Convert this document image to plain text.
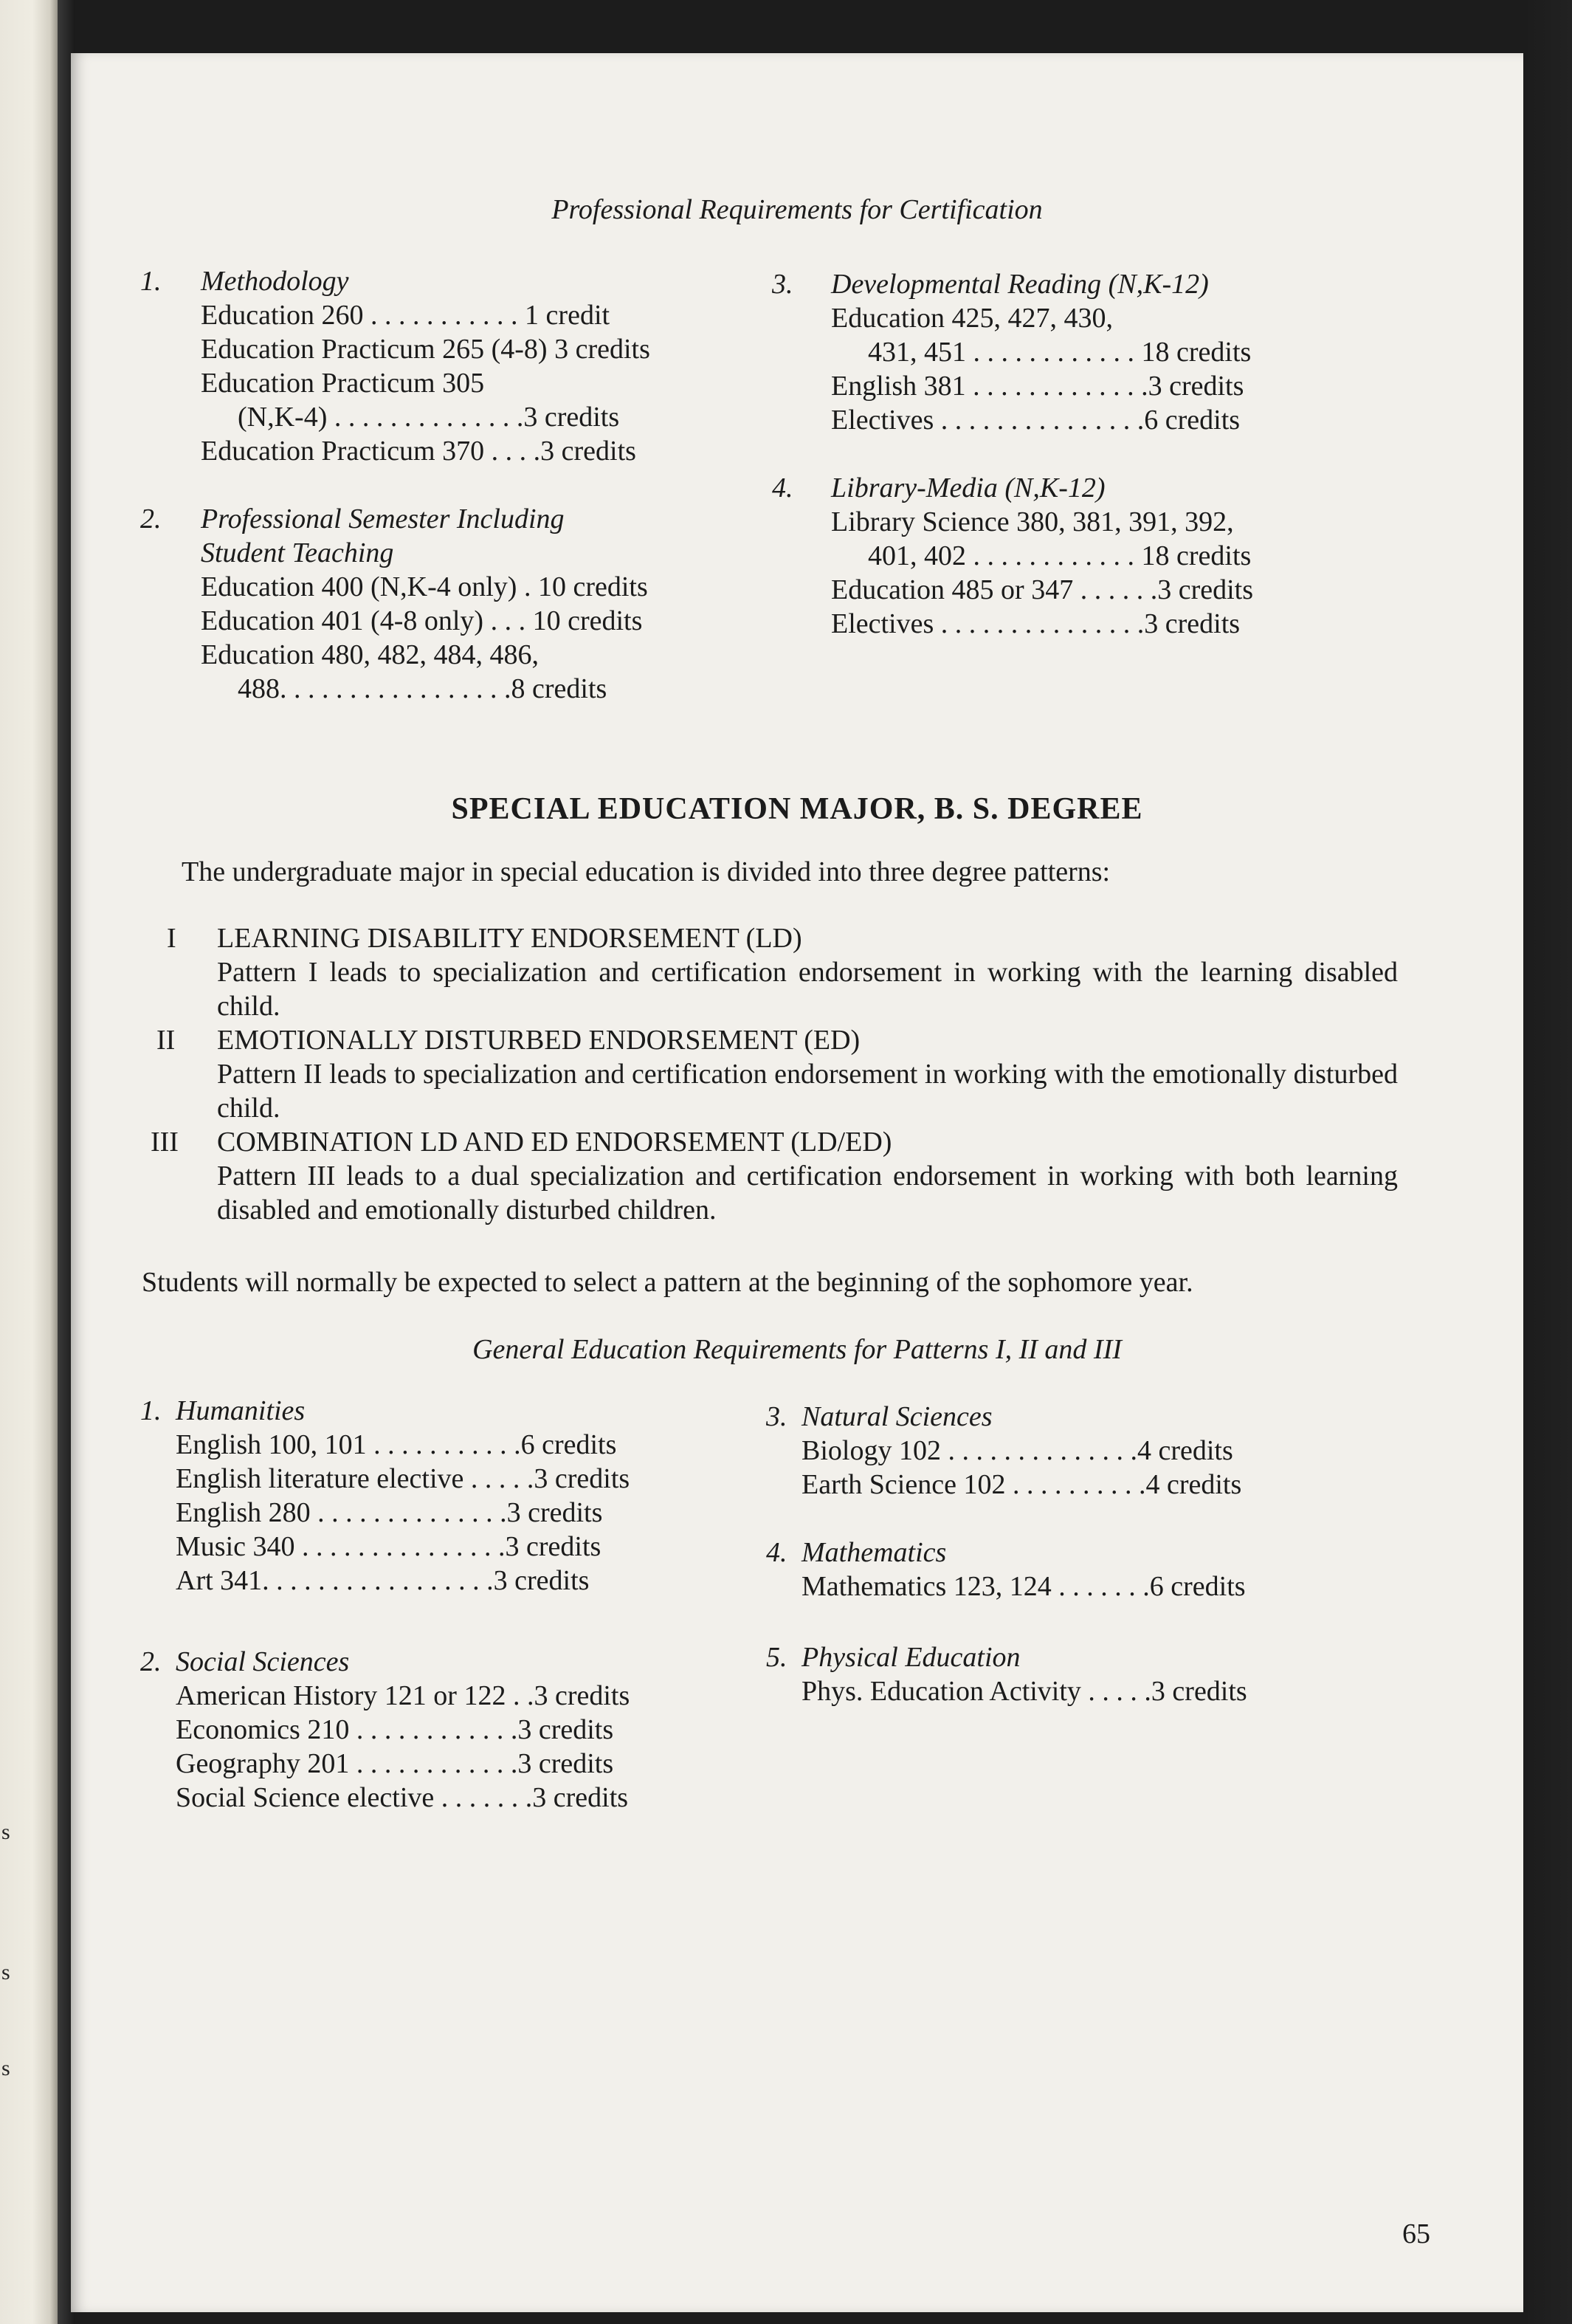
s
s
s
Professional Requirements for Certification
1. Methodology
Education 260 . . . . . . . . . . . 1 credit
Education Practicum 265 (4-8) 3 credits
Education Practicum 305
(N,K-4) . . . . . . . . . . . . . .3 credits
Education Practicum 370 . . . .3 credits
2. Professional Semester Including
Student Teaching
Education 400 (N,K-4 only) . 10 credits
Education 401 (4-8 only) . . . 10 credits
Education 480, 482, 484, 486,
488. . . . . . . . . . . . . . . . .8 credits
3. Developmental Reading (N,K-12)
Education 425, 427, 430,
431, 451 . . . . . . . . . . . . 18 credits
English 381 . . . . . . . . . . . . .3 credits
Electives . . . . . . . . . . . . . . .6 credits
4. Library-Media (N,K-12)
Library Science 380, 381, 391, 392,
401, 402 . . . . . . . . . . . . 18 credits
Education 485 or 347 . . . . . .3 credits
Electives . . . . . . . . . . . . . . .3 credits
SPECIAL EDUCATION MAJOR, B. S. DEGREE
The undergraduate major in special education is divided into three degree patterns:
I LEARNING DISABILITY ENDORSEMENT (LD)
Pattern I leads to specialization and certification endorsement in working with the learning disabled child.
II EMOTIONALLY DISTURBED ENDORSEMENT (ED)
Pattern II leads to specialization and certification endorsement in working with the emotionally disturbed child.
III COMBINATION LD AND ED ENDORSEMENT (LD/ED)
Pattern III leads to a dual specialization and certification endorsement in working with both learning disabled and emotionally disturbed children.
Students will normally be expected to select a pattern at the beginning of the sophomore year.
General Education Requirements for Patterns I, II and III
1. Humanities
English 100, 101 . . . . . . . . . . .6 credits
English literature elective . . . . .3 credits
English 280 . . . . . . . . . . . . . .3 credits
Music 340 . . . . . . . . . . . . . . .3 credits
Art 341. . . . . . . . . . . . . . . . .3 credits
2. Social Sciences
American History 121 or 122 . .3 credits
Economics 210 . . . . . . . . . . . .3 credits
Geography 201 . . . . . . . . . . . .3 credits
Social Science elective . . . . . . .3 credits
3. Natural Sciences
Biology 102 . . . . . . . . . . . . . .4 credits
Earth Science 102 . . . . . . . . . .4 credits
4. Mathematics
Mathematics 123, 124 . . . . . . .6 credits
5. Physical Education
Phys. Education Activity . . . . .3 credits
65
